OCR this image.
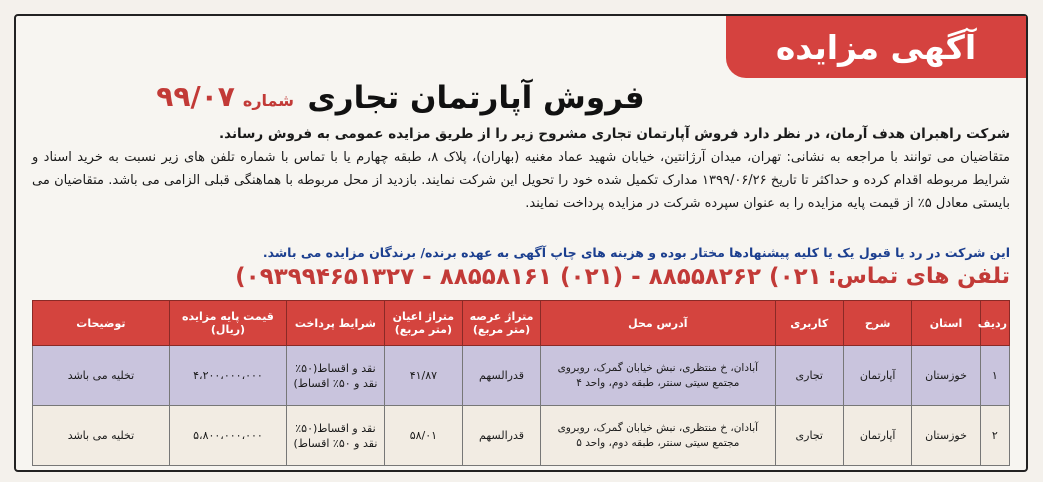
آگهی مزایده
فروش آپارتمان تجاری
شماره
۹۹/۰۷
شرکت راهبران هدف آرمان، در نظر دارد فروش آپارتمان تجاری مشروح زیر را از طریق مزایده عمومی به فروش رساند.
متقاضیان می توانند با مراجعه به نشانی: تهران، میدان آرژانتین، خیابان شهید عماد مغنیه (بهاران)، پلاک ۸، طبقه چهارم یا با تماس با شماره تلفن های زیر نسبت به خرید اسناد و شرایط مربوطه اقدام کرده و حداکثر تا تاریخ ۱۳۹۹/۰۶/۲۶ مدارک تکمیل شده خود را تحویل این شرکت نمایند. بازدید از محل مربوطه با هماهنگی قبلی الزامی می باشد. متقاضیان می بایستی معادل ۵٪ از قیمت پایه مزایده را به عنوان سپرده شرکت در مزایده پرداخت نمایند.
این شرکت در رد یا قبول یک یا کلیه پیشنهادها مختار بوده و هزینه های چاپ آگهی به عهده برنده/ برندگان مزایده می باشد.
تلفن های تماس:
۰۲۱) ۸۸۵۵۸۲۶۲ - (۰۲۱) ۸۸۵۵۸۱۶۱ - ۰۹۳۹۹۴۶۵۱۳۲۷)
ردیف	استان	شرح	کاربری	آدرس محل	متراژ عرصه (متر مربع)	متراژ اعیان (متر مربع)	شرایط پرداخت	قیمت پایه مزایده (ریال)	توضیحات
۱	خوزستان	آپارتمان	تجاری	آبادان، خ منتظری، نبش خیابان گمرک، روبروی مجتمع سیتی سنتر، طبقه دوم، واحد ۴	قدرالسهم	۴۱/۸۷	نقد و اقساط(۵۰٪ نقد و ۵۰٪ اقساط)	۴،۲۰۰،۰۰۰،۰۰۰	تخلیه می باشد
۲	خوزستان	آپارتمان	تجاری	آبادان، خ منتظری، نبش خیابان گمرک، روبروی مجتمع سیتی سنتر، طبقه دوم، واحد ۵	قدرالسهم	۵۸/۰۱	نقد و اقساط(۵۰٪ نقد و ۵۰٪ اقساط)	۵،۸۰۰،۰۰۰،۰۰۰	تخلیه می باشد
